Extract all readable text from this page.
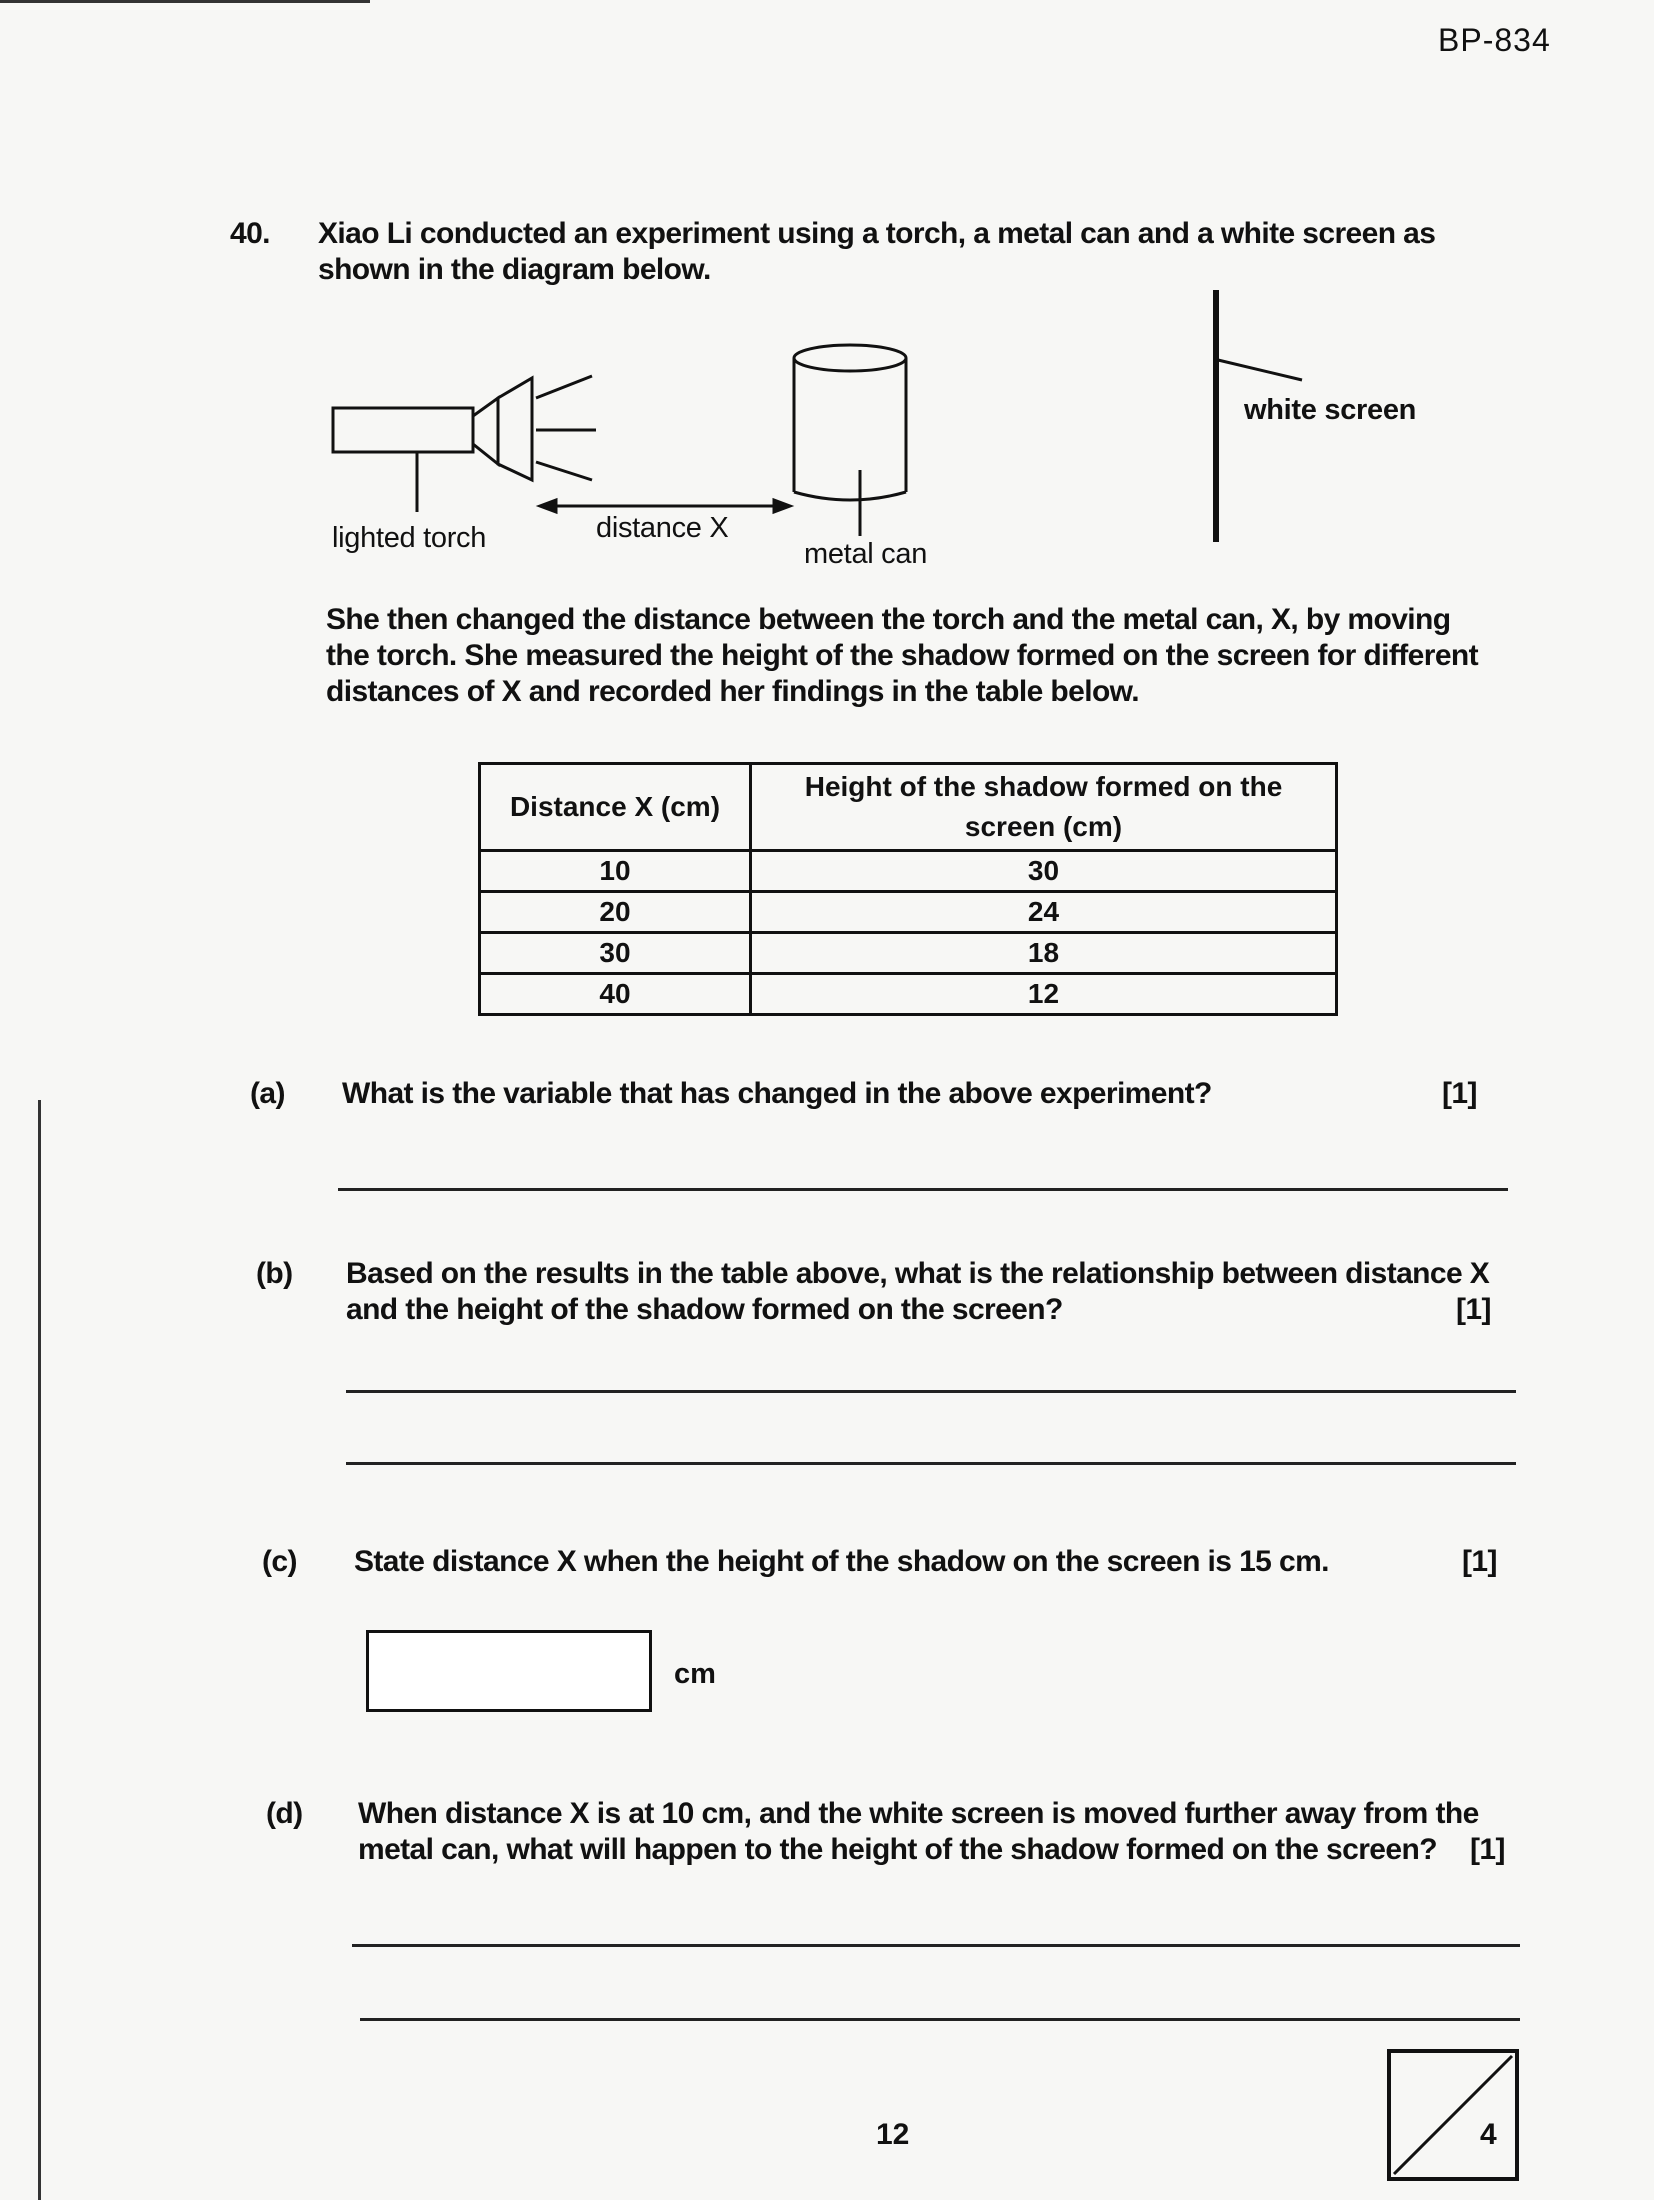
BP-834
40. Xiao Li conducted an experiment using a torch, a metal can and a white screen as
shown in the diagram below.
lighted torch	distance X
metal can
white screen
She then changed the distance between the torch and the metal can, X, by moving
the torch. She measured the height of the shadow formed on the screen for different
distances of X and recorded her findings in the table below.
Distance X (cm)	Height of the shadow formed on the
screen (cm)
10	30
20	24
30	18
40	12
(a) What is the variable that has changed in the above experiment?	[1]
(b) Based on the results in the table above, what is the relationship between distance X
and the height of the shadow formed on the screen?	[1]
(c) State distance X when the height of the shadow on the screen is 15 cm.	[1]
cm
(d) When distance X is at 10 cm, and the white screen is moved further away from the
metal can, what will happen to the height of the shadow formed on the screen? [1]
12	4
